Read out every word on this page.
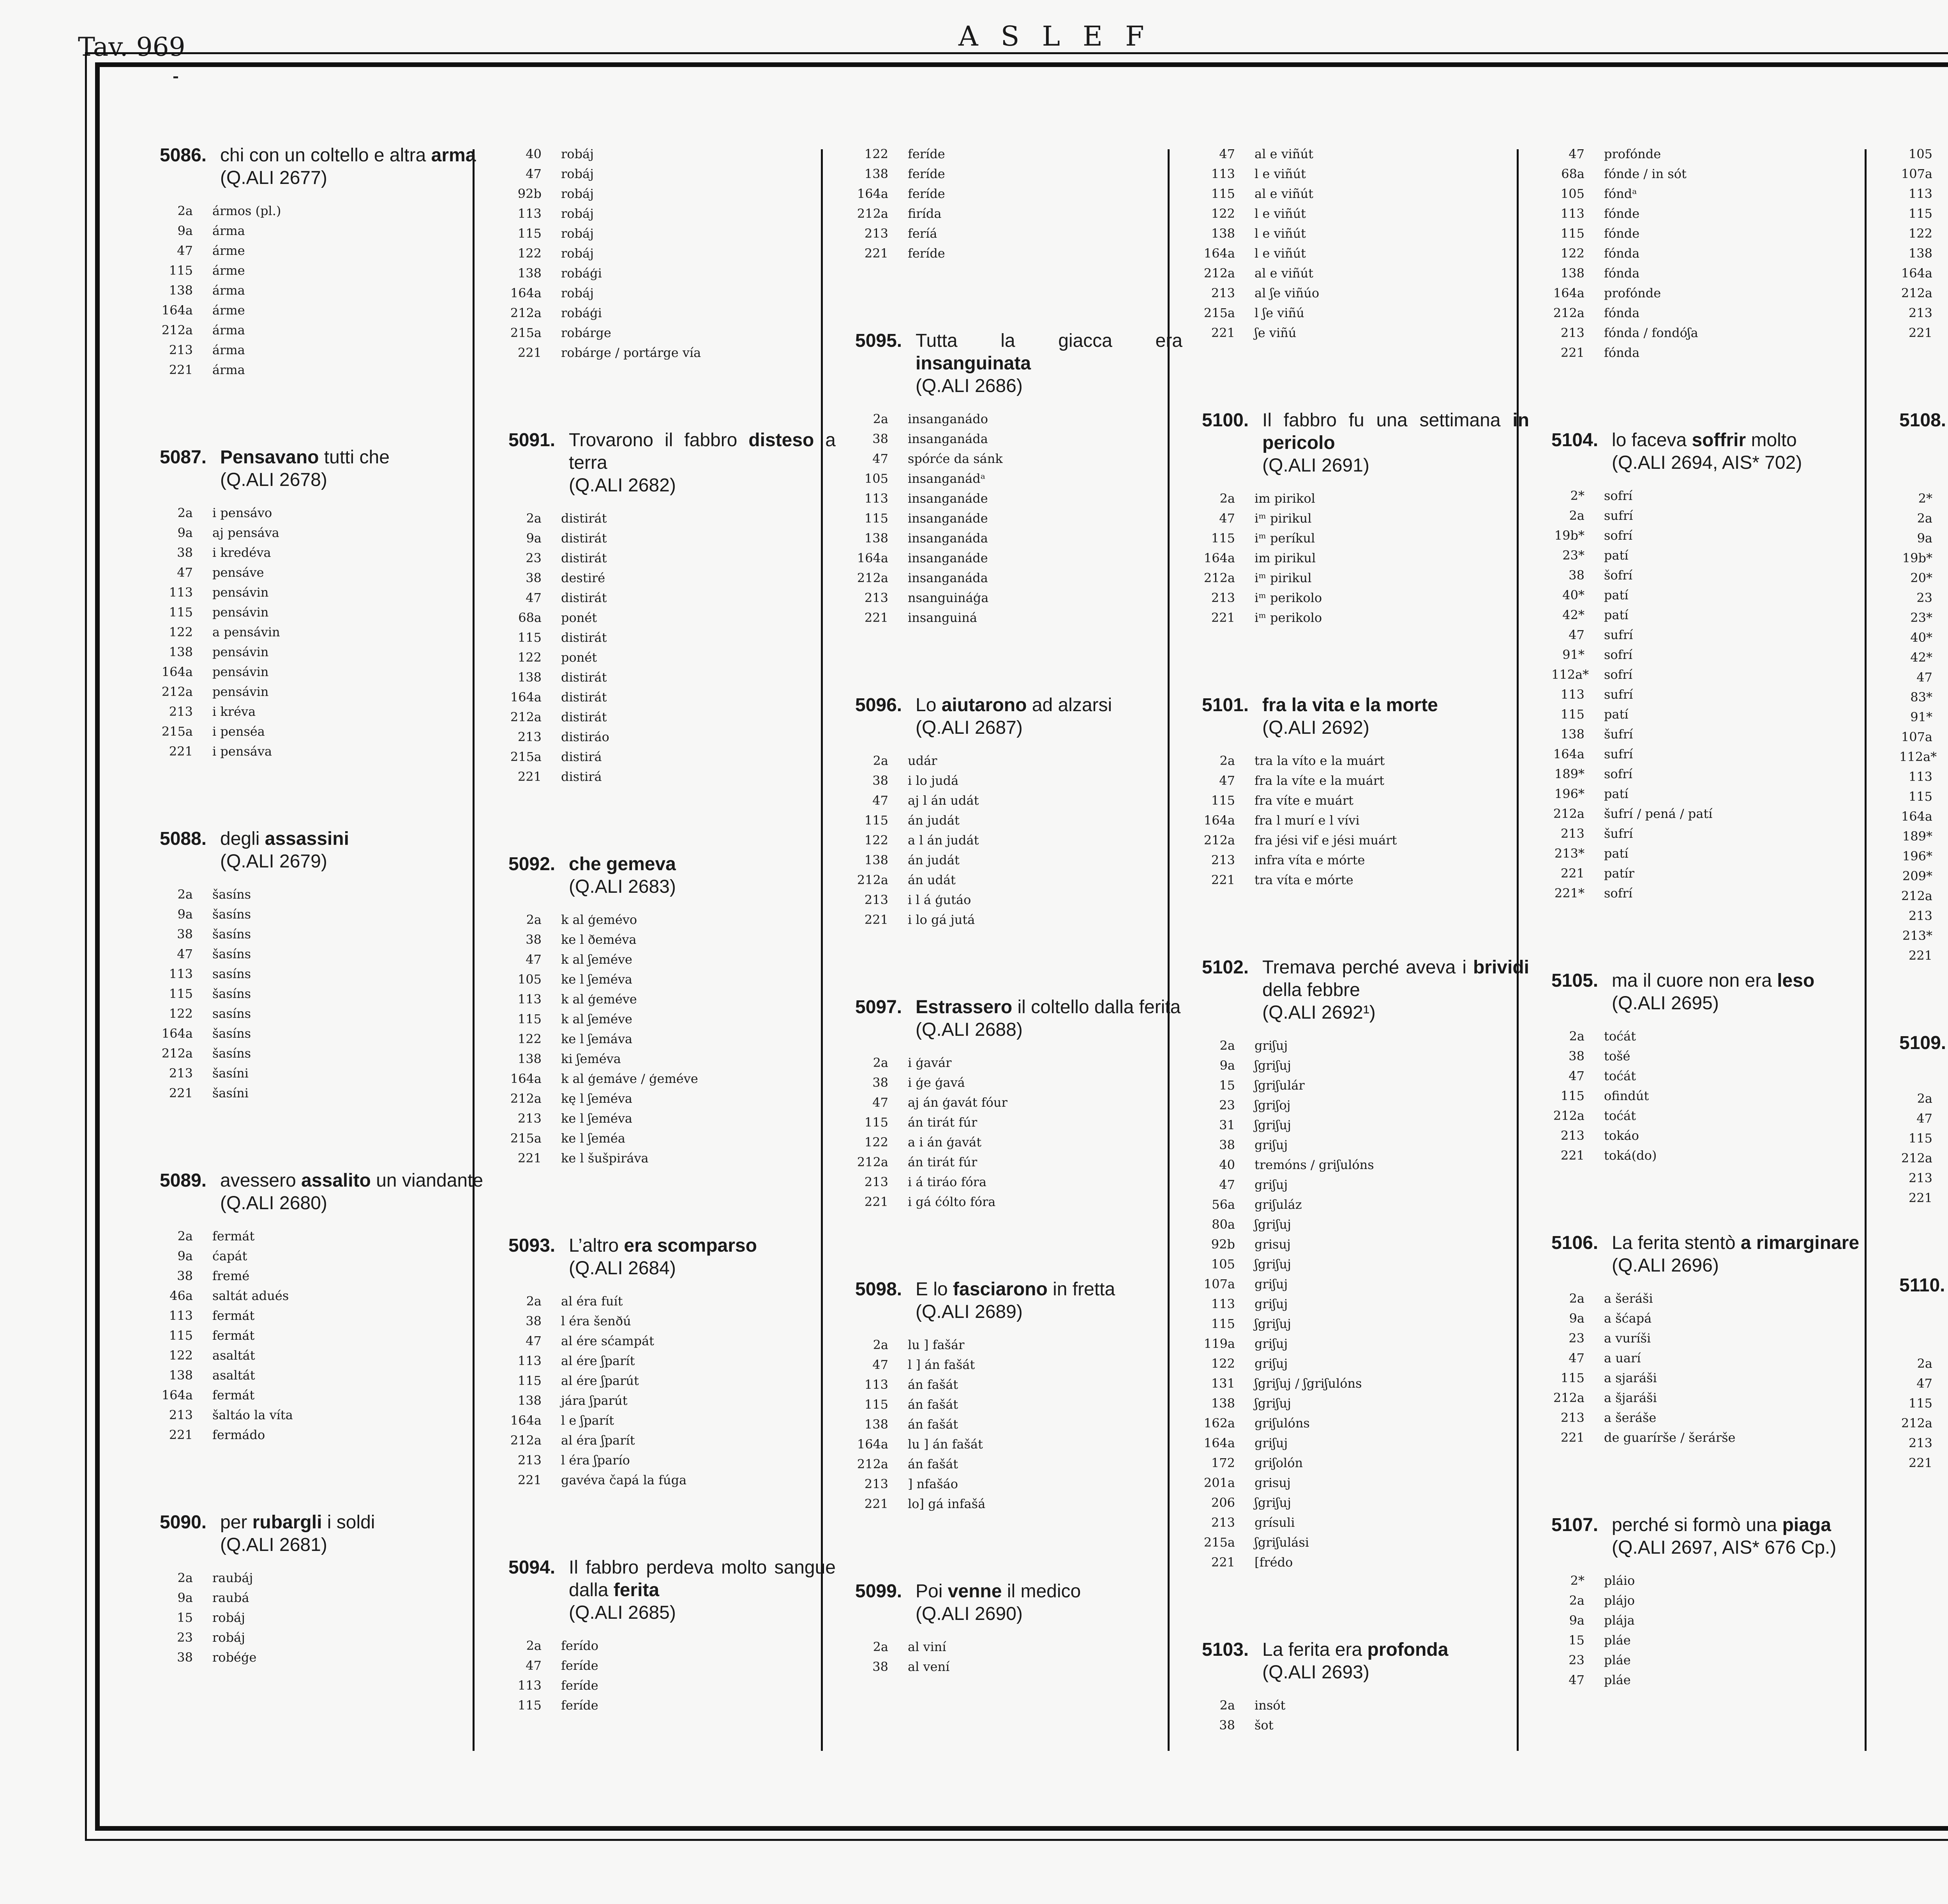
Tav. 969	ASLEF
5086. chi con un coltello e altra arma
(Q.ALI 2677)
2a	ármos (pl.)
9a	árma
47	árme
115	árme
138	árma
164a	árme
212a	árma
213	árma
221	árma
5087. Pensavano tutti che
(Q.ALI 2678)
2a	i pensávo
9a	aj pensáva
38	i kredéva
47	pensáve
113	pensávin
115	pensávin
122	a pensávin
138	pensávin
164a	pensávin
212a	pensávin
213	i kréva
215a	i penséa
221	i pensáva
5088. degli assassini
(Q.ALI 2679)
2a	šasíns
9a	šasíns
38	šasíns
47	šasíns
113	sasíns
115	šasíns
122	sasíns
164a	šasíns
212a	šasíns
213	šasíni
221	šasíni
5089. avessero assalito un viandante
(Q.ALI 2680)
2a	fermát
9a	ćapát
38	fremé
46a	saltát adués
113	fermát
115	fermát
122	asaltát
138	asaltát
164a	fermát
213	šaltáo la víta
221	fermádo
5090. per rubargli i soldi
(Q.ALI 2681)
2a	raubáj
9a	raubá
15	robáj
23	robáj
38	robéģe
40	robáj
47	robáj
92b	robáj
113	robáj
115	robáj
122	robáj
138	robáģi
164a	robáj
212a	robáģi
215a	robárge
221	robárge / portárge vía
5091. Trovarono il fabbro disteso a terra
(Q.ALI 2682)
2a	distirát
9a	distirát
23	distirát
38	destiré
47	distirát
68a	ponét
115	distirát
122	ponét
138	distirát
164a	distirát
212a	distirát
213	distiráo
215a	distirá
221	distirá
5092. che gemeva
(Q.ALI 2683)
2a	k al ģemévo
38	ke l ðeméva
47	k al ʃeméve
105	ke l ʃeméva
113	k al ģeméve
115	k al ʃeméve
122	ke l ʃemáva
138	ki ʃeméva
164a	k al ģemáve / ģeméve
212a	kę l ʃeméva
213	ke l ʃeméva
215a	ke l ʃeméa
221	ke l šušpiráva
5093. L’altro era scomparso
(Q.ALI 2684)
2a	al éra fuít
38	l éra šenðú
47	al ére sćampát
113	al ére ʃparít
115	al ére ʃparút
138	jára ʃparút
164a	l e ʃparít
212a	al éra ʃparít
213	l éra ʃparío
221	gavéva čapá la fúga
5094. Il fabbro perdeva molto sangue dalla ferita
(Q.ALI 2685)
2a	ferído
47	feríde
113	feríde
115	feríde
122	feríde
138	feríde
164a	feríde
212a	firída
213	feríá
221	feríde
5095. Tutta la giacca era insanguinata
(Q.ALI 2686)
2a	insanganádo
38	insanganáda
47	spórće da sánk
105	insanganádᵃ
113	insanganáde
115	insanganáde
138	insanganáda
164a	insanganáde
212a	insanganáda
213	nsanguináģa
221	insanguiná
5096. Lo aiutarono ad alzarsi
(Q.ALI 2687)
2a	udár
38	i lo judá
47	aj l án udát
115	án judát
122	a l án judát
138	án judát
212a	án udát
213	i l á ģutáo
221	i lo gá jutá
5097. Estrassero il coltello dalla ferita
(Q.ALI 2688)
2a	i ģavár
38	i ģe ģavá
47	aj án ģavát fóur
115	án tirát fúr
122	a i án ģavát
212a	án tirát fúr
213	i á tiráo fóra
221	i gá ćólto fóra
5098. E lo fasciarono in fretta
(Q.ALI 2689)
2a	lu ] fašár
47	l ] án fašát
113	án fašát
115	án fašát
138	án fašát
164a	lu ] án fašát
212a	án fašát
213	] nfašáo
221	lo] gá infašá
5099. Poi venne il medico
(Q.ALI 2690)
2a	al viní
38	al vení
47	al e viñút
113	l e viñút
115	al e viñút
122	l e viñút
138	l e viñút
164a	l e viñút
212a	al e viñút
213	al ʃe viñúo
215a	l ʃe viñú
221	ʃe viñú
5100. Il fabbro fu una settimana in pericolo
(Q.ALI 2691)
2a	im pirikol
47	iᵐ pirikul
115	iᵐ períkul
164a	im pirikul
212a	iᵐ pirikul
213	iᵐ perikolo
221	iᵐ perikolo
5101. fra la vita e la morte
(Q.ALI 2692)
2a	tra la víto e la muárt
47	fra la víte e la muárt
115	fra víte e muárt
164a	fra l murí e l vívi
212a	fra jési vif e jési muárt
213	infra víta e mórte
221	tra víta e mórte
5102. Tremava perché aveva i brividi della febbre
(Q.ALI 2692¹)
2a	griʃuj
9a	ʃgriʃuj
15	ʃgriʃulár
23	ʃgriʃoj
31	ʃgriʃuj
38	griʃuj
40	tremóns / griʃulóns
47	griʃuj
56a	griʃuláz
80a	ʃgriʃuj
92b	grisuj
105	ʃgriʃuj
107a	griʃuj
113	griʃuj
115	ʃgriʃuj
119a	griʃuj
122	griʃuj
131	ʃgriʃuj / ʃgriʃulóns
138	ʃgriʃuj
162a	griʃulóns
164a	griʃuj
172	griʃolón
201a	grisuj
206	ʃgriʃuj
213	grísuli
215a	ʃgriʃulási
221	[frédo
5103. La ferita era profonda
(Q.ALI 2693)
2a	insót
38	šot
47	profónde
68a	fónde / in sót
105	fóndᵃ
113	fónde
115	fónde
122	fónda
138	fónda
164a	profónde
212a	fónda
213	fónda / fondóʃa
221	fónda
5104. lo faceva soffrir molto
(Q.ALI 2694, AIS* 702)
2*	sofrí
2a	sufrí
19b*	sofrí
23*	patí
38	šofrí
40*	patí
42*	patí
47	sufrí
91*	sofrí
112a*	sofrí
113	sufrí
115	patí
138	šufrí
164a	sufrí
189*	sofrí
196*	patí
212a	šufrí / pená / patí
213	šufrí
213*	patí
221	patír
221*	sofrí
5105. ma il cuore non era leso
(Q.ALI 2695)
2a	toćát
38	tošé
47	toćát
115	ofindút
212a	toćát
213	tokáo
221	toká(do)
5106. La ferita stentò a rimarginare
(Q.ALI 2696)
2a	a šeráši
9a	a šćapá
23	a vuríši
47	a uarí
115	a sjaráši
212a	a šjaráši
213	a šeráše
221	de guarírše / šerárše
5107. perché si formò una piaga
(Q.ALI 2697, AIS* 676 Cp.)
2*	pláio
2a	plájo
9a	plája
15	pláe
23	pláe
47	pláe
105
107a
113
115
122
138
164a
212a
213
221
5108.
2*
2a
9a
19b*
20*
23
23*
40*
42*
47
83*
91*
107a
112a*
113
115
164a
189*
196*
209*
212a
213
213*
221
5109.
2a
47
115
212a
213
221
5110.
2a
47
115
212a
213
221
